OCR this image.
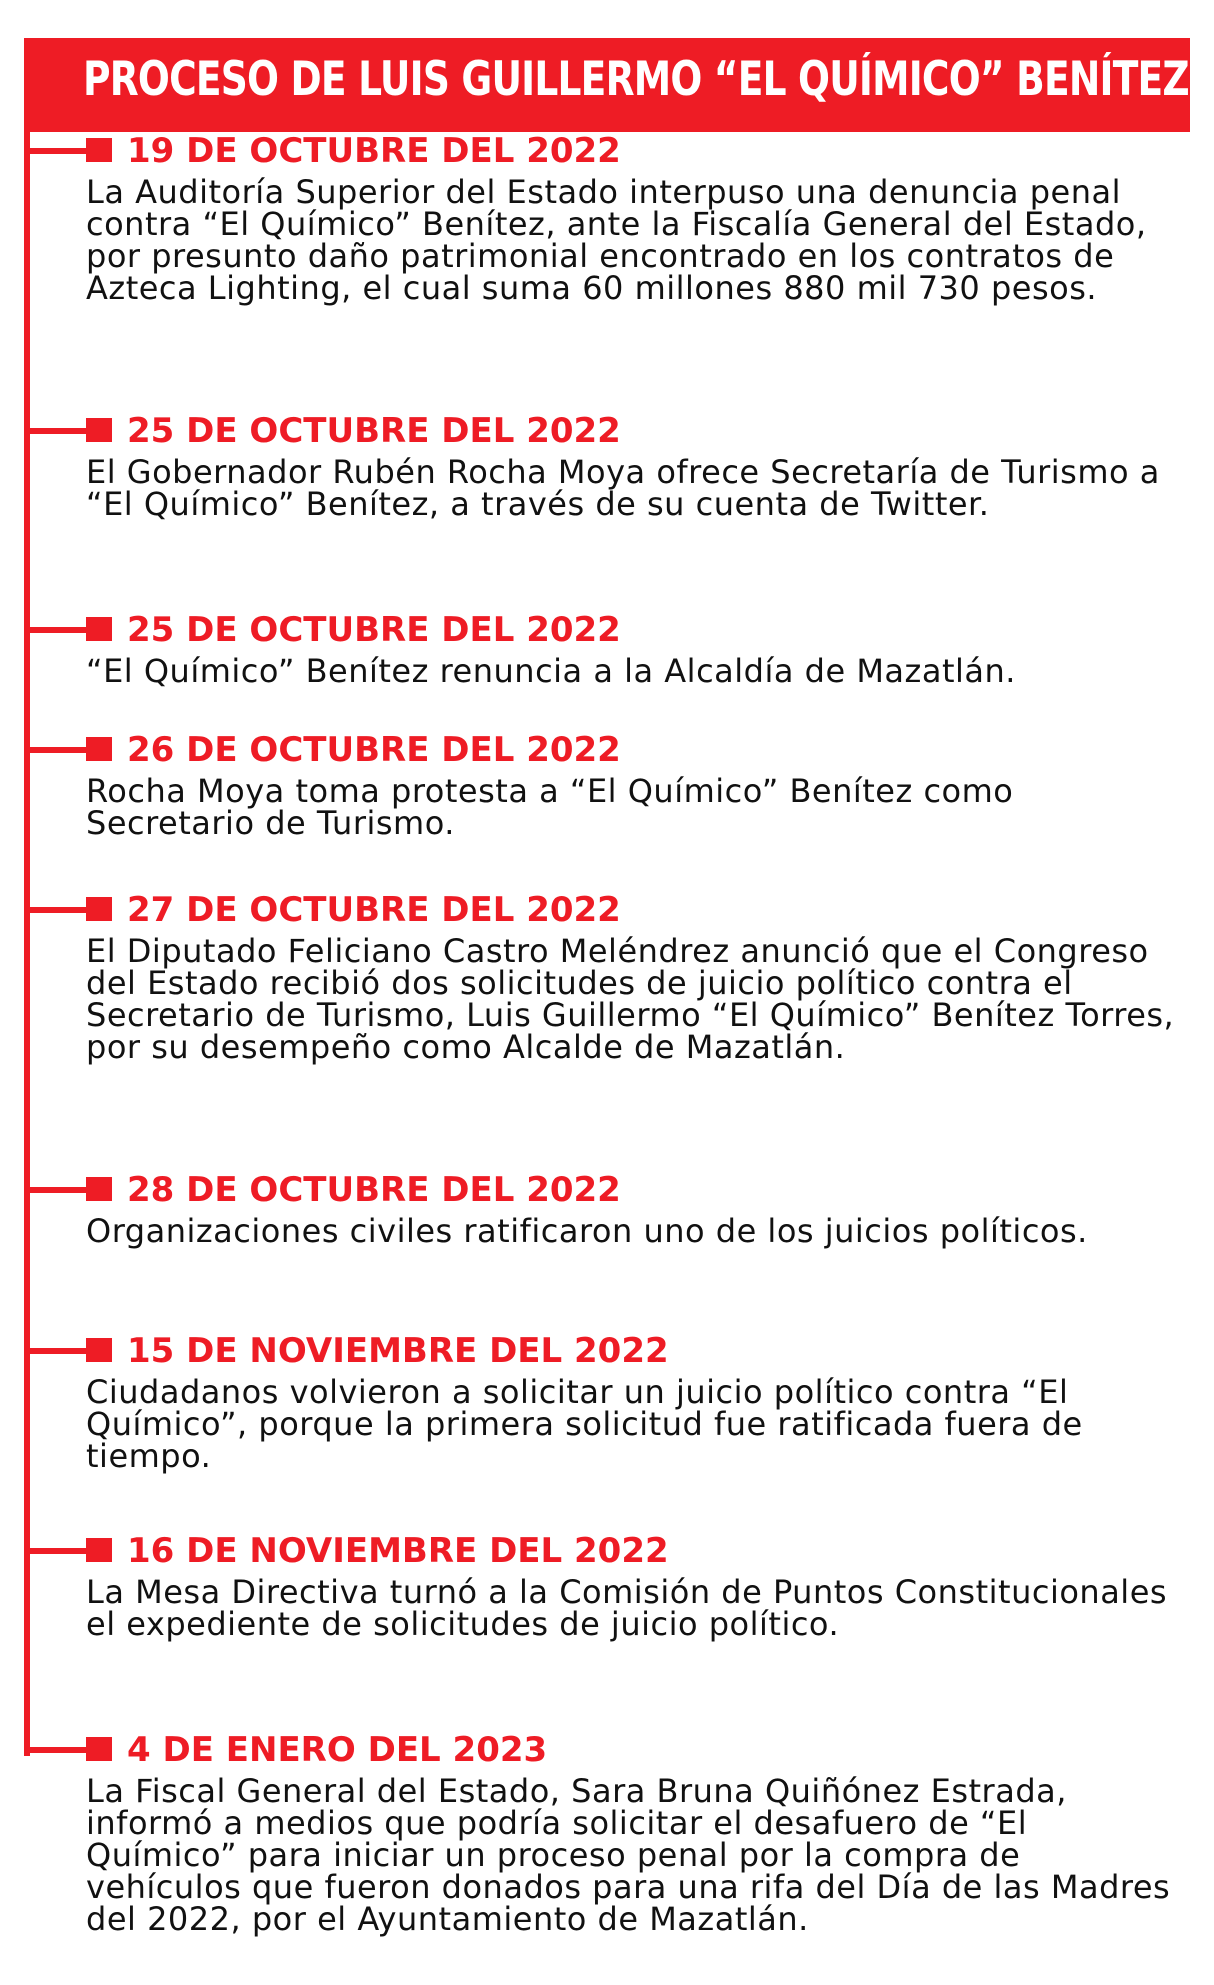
PROCESO DE LUIS GUILLERMO “EL QUÍMICO” BENÍTEZ
19 DE OCTUBRE DEL 2022
La Auditoría Superior del Estado interpuso una denuncia penal contra “El Químico” Benítez, ante la Fiscalía General del Estado, por presunto daño patrimonial encontrado en los contratos de Azteca Lighting, el cual suma 60 millones 880 mil 730 pesos.
25 DE OCTUBRE DEL 2022
El Gobernador Rubén Rocha Moya ofrece Secretaría de Turismo a “El Químico” Benítez, a través de su cuenta de Twitter.
25 DE OCTUBRE DEL 2022
“El Químico” Benítez renuncia a la Alcaldía de Mazatlán.
26 DE OCTUBRE DEL 2022
Rocha Moya toma protesta a “El Químico” Benítez como Secretario de Turismo.
27 DE OCTUBRE DEL 2022
El Diputado Feliciano Castro Meléndrez anunció que el Congreso del Estado recibió dos solicitudes de juicio político contra el Secretario de Turismo, Luis Guillermo “El Químico” Benítez Torres, por su desempeño como Alcalde de Mazatlán.
28 DE OCTUBRE DEL 2022
Organizaciones civiles ratificaron uno de los juicios políticos.
15 DE NOVIEMBRE DEL 2022
Ciudadanos volvieron a solicitar un juicio político contra “El Químico”, porque la primera solicitud fue ratificada fuera de tiempo.
16 DE NOVIEMBRE DEL 2022
La Mesa Directiva turnó a la Comisión de Puntos Constitucionales el expediente de solicitudes de juicio político.
4 DE ENERO DEL 2023
La Fiscal General del Estado, Sara Bruna Quiñónez Estrada, informó a medios que podría solicitar el desafuero de “El Químico” para iniciar un proceso penal por la compra de vehículos que fueron donados para una rifa del Día de las Madres del 2022, por el Ayuntamiento de Mazatlán.
